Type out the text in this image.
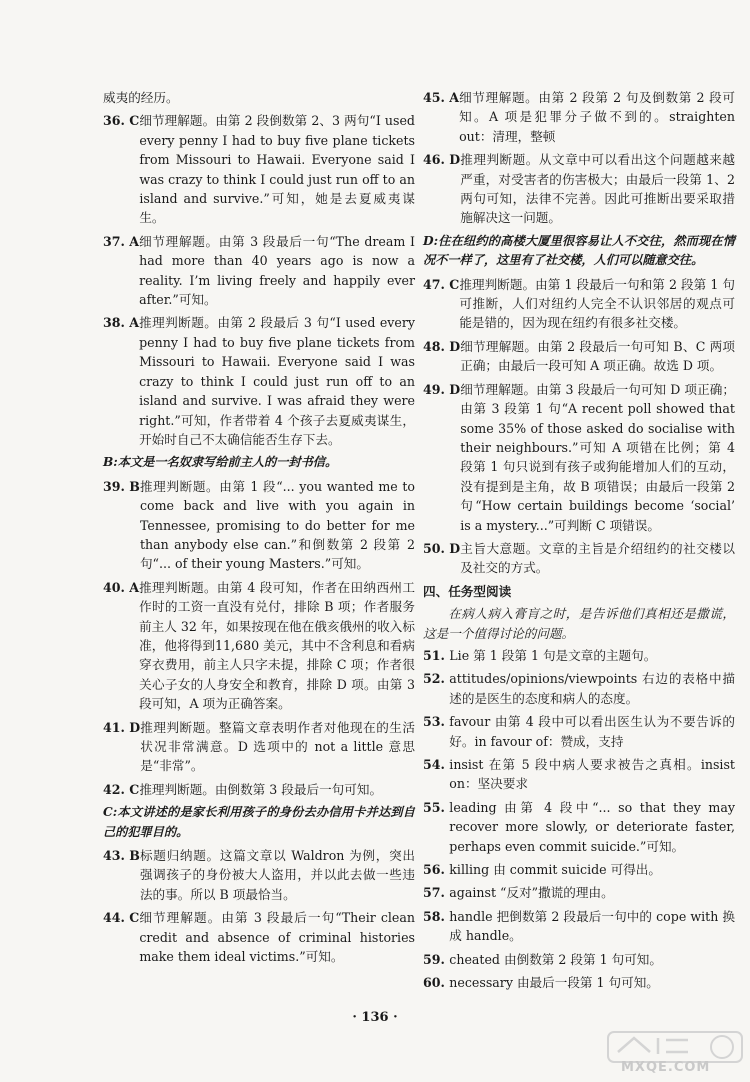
威夷的经历。
36. C 细节理解题。由第 2 段倒数第 2、3 两句“I used every penny I had to buy five plane tickets from Missouri to Hawaii. Everyone said I was crazy to think I could just run off to an island and survive.”可知，她是去夏威夷谋生。
37. A 细节理解题。由第 3 段最后一句“The dream I had more than 40 years ago is now a reality. I’m living freely and happily ever after.”可知。
38. A 推理判断题。由第 2 段最后 3 句“I used every penny I had to buy five plane tickets from Missouri to Hawaii. Everyone said I was crazy to think I could just run off to an island and survive. I was afraid they were right.”可知，作者带着 4 个孩子去夏威夷谋生，开始时自己不太确信能否生存下去。
B:本文是一名奴隶写给前主人的一封书信。
39. B 推理判断题。由第 1 段“... you wanted me to come back and live with you again in Tennessee, promising to do better for me than anybody else can.”和倒数第 2 段第 2 句“... of their young Masters.”可知。
40. A 推理判断题。由第 4 段可知，作者在田纳西州工作时的工资一直没有兑付，排除 B 项；作者服务前主人 32 年，如果按现在他在俄亥俄州的收入标准，他将得到11,680 美元，其中不含利息和看病穿衣费用，前主人只字未提，排除 C 项；作者很关心子女的人身安全和教育，排除 D 项。由第 3 段可知，A 项为正确答案。
41. D 推理判断题。整篇文章表明作者对他现在的生活状况非常满意。D 选项中的 not a little 意思是“非常”。
42. C 推理判断题。由倒数第 3 段最后一句可知。
C:本文讲述的是家长利用孩子的身份去办信用卡并达到自己的犯罪目的。
43. B 标题归纳题。这篇文章以 Waldron 为例，突出强调孩子的身份被大人盗用，并以此去做一些违法的事。所以 B 项最恰当。
44. C 细节理解题。由第 3 段最后一句“Their clean credit and absence of criminal histories make them ideal victims.”可知。
45. A 细节理解题。由第 2 段第 2 句及倒数第 2 段可知。A 项是犯罪分子做不到的。straighten out：清理，整顿
46. D 推理判断题。从文章中可以看出这个问题越来越严重，对受害者的伤害极大；由最后一段第 1、2 两句可知，法律不完善。因此可推断出要采取措施解决这一问题。
D:住在纽约的高楼大厦里很容易让人不交往，然而现在情况不一样了，这里有了社交楼，人们可以随意交往。
47. C 推理判断题。由第 1 段最后一句和第 2 段第 1 句可推断，人们对纽约人完全不认识邻居的观点可能是错的，因为现在纽约有很多社交楼。
48. D 细节理解题。由第 2 段最后一句可知 B、C 两项正确；由最后一段可知 A 项正确。故选 D 项。
49. D 细节理解题。由第 3 段最后一句可知 D 项正确；由第 3 段第 1 句“A recent poll showed that some 35% of those asked do socialise with their neighbours.”可知 A 项错在比例；第 4 段第 1 句只说到有孩子或狗能增加人们的互动，没有提到是主角，故 B 项错误；由最后一段第 2 句“How certain buildings become ‘social’ is a mystery...”可判断 C 项错误。
50. D 主旨大意题。文章的主旨是介绍纽约的社交楼以及社交的方式。
四、任务型阅读
在病人病入膏肓之时，是告诉他们真相还是撒谎，这是一个值得讨论的问题。
51. Lie 第 1 段第 1 句是文章的主题句。
52. attitudes/opinions/viewpoints 右边的表格中描述的是医生的态度和病人的态度。
53. favour 由第 4 段中可以看出医生认为不要告诉的好。in favour of：赞成，支持
54. insist 在第 5 段中病人要求被告之真相。insist on：坚决要求
55. leading 由第 4 段中“... so that they may recover more slowly, or deteriorate faster, perhaps even commit suicide.”可知。
56. killing 由 commit suicide 可得出。
57. against “反对”撒谎的理由。
58. handle 把倒数第 2 段最后一句中的 cope with 换成 handle。
59. cheated 由倒数第 2 段第 1 句可知。
60. necessary 由最后一段第 1 句可知。
· 136 ·
MXQE.COM
